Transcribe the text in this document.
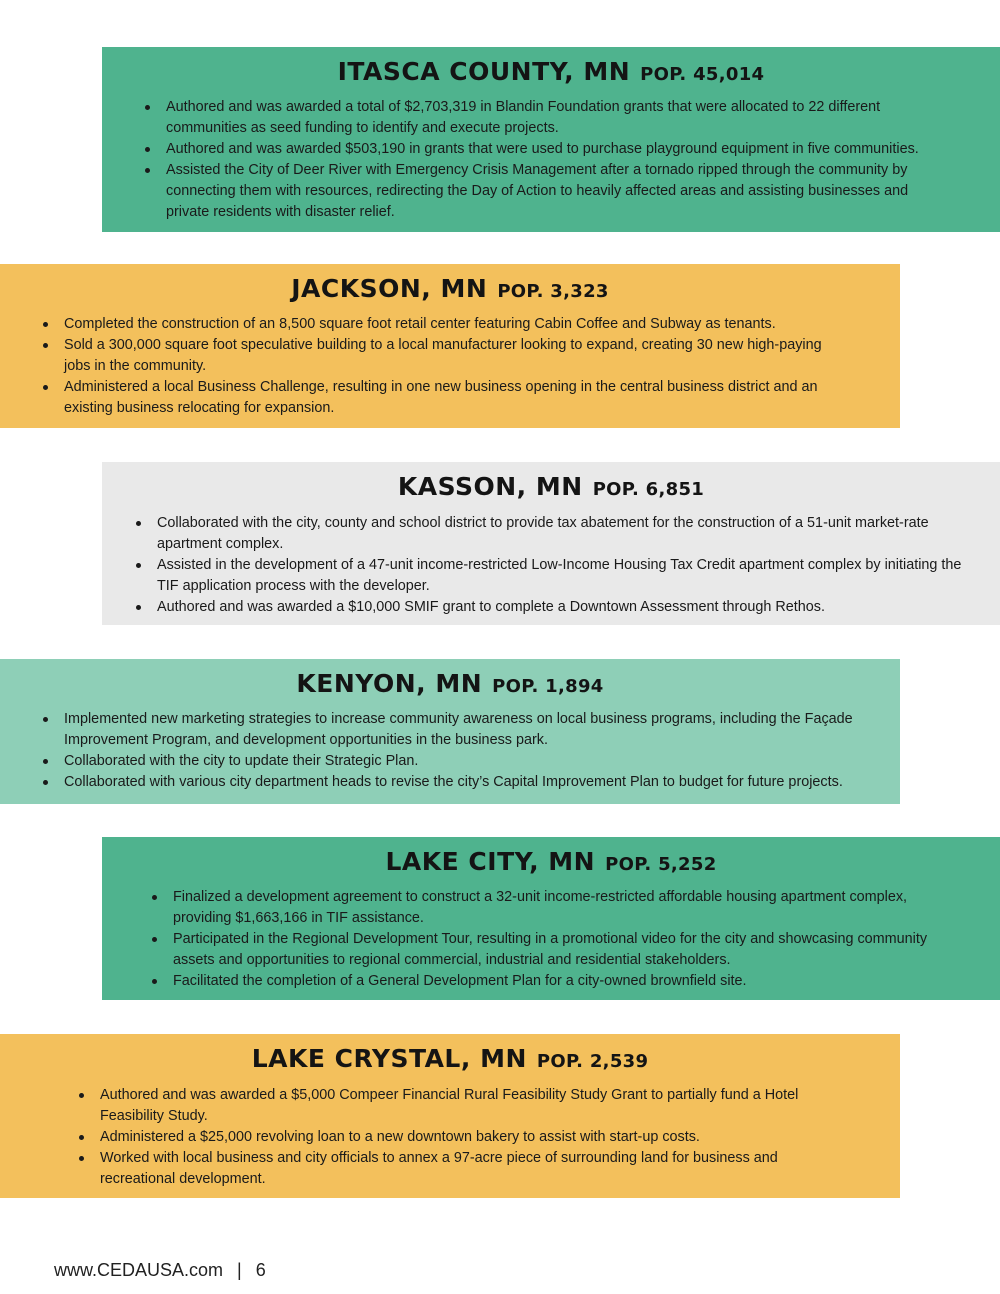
ITASCA COUNTY, MN POP. 45,014
Authored and was awarded a total of $2,703,319 in Blandin Foundation grants that were allocated to 22 different communities as seed funding to identify and execute projects.
Authored and was awarded $503,190 in grants that were used to purchase playground equipment in five communities.
Assisted the City of Deer River with Emergency Crisis Management after a tornado ripped through the community by connecting them with resources, redirecting the Day of Action to heavily affected areas and assisting businesses and private residents with disaster relief.
JACKSON, MN POP. 3,323
Completed the construction of an 8,500 square foot retail center featuring Cabin Coffee and Subway as tenants.
Sold a 300,000 square foot speculative building to a local manufacturer looking to expand, creating 30 new high-paying jobs in the community.
Administered a local Business Challenge, resulting in one new business opening in the central business district and an existing business relocating for expansion.
KASSON, MN POP. 6,851
Collaborated with the city, county and school district to provide tax abatement for the construction of a 51-unit market-rate apartment complex.
Assisted in the development of a 47-unit income-restricted Low-Income Housing Tax Credit apartment complex by initiating the TIF application process with the developer.
Authored and was awarded a $10,000 SMIF grant to complete a Downtown Assessment through Rethos.
KENYON, MN POP. 1,894
Implemented new marketing strategies to increase community awareness on local business programs, including the Façade Improvement Program, and development opportunities in the business park.
Collaborated with the city to update their Strategic Plan.
Collaborated with various city department heads to revise the city’s Capital Improvement Plan to budget for future projects.
LAKE CITY, MN POP. 5,252
Finalized a development agreement to construct a 32-unit income-restricted affordable housing apartment complex, providing $1,663,166 in TIF assistance.
Participated in the Regional Development Tour, resulting in a promotional video for the city and showcasing community assets and opportunities to regional commercial, industrial and residential stakeholders.
Facilitated the completion of a General Development Plan for a city-owned brownfield site.
LAKE CRYSTAL, MN POP. 2,539
Authored and was awarded a $5,000 Compeer Financial Rural Feasibility Study Grant to partially fund a Hotel Feasibility Study.
Administered a $25,000 revolving loan to a new downtown bakery to assist with start-up costs.
Worked with local business and city officials to annex a 97-acre piece of surrounding land for business and recreational development.
www.CEDAUSA.com | 6
